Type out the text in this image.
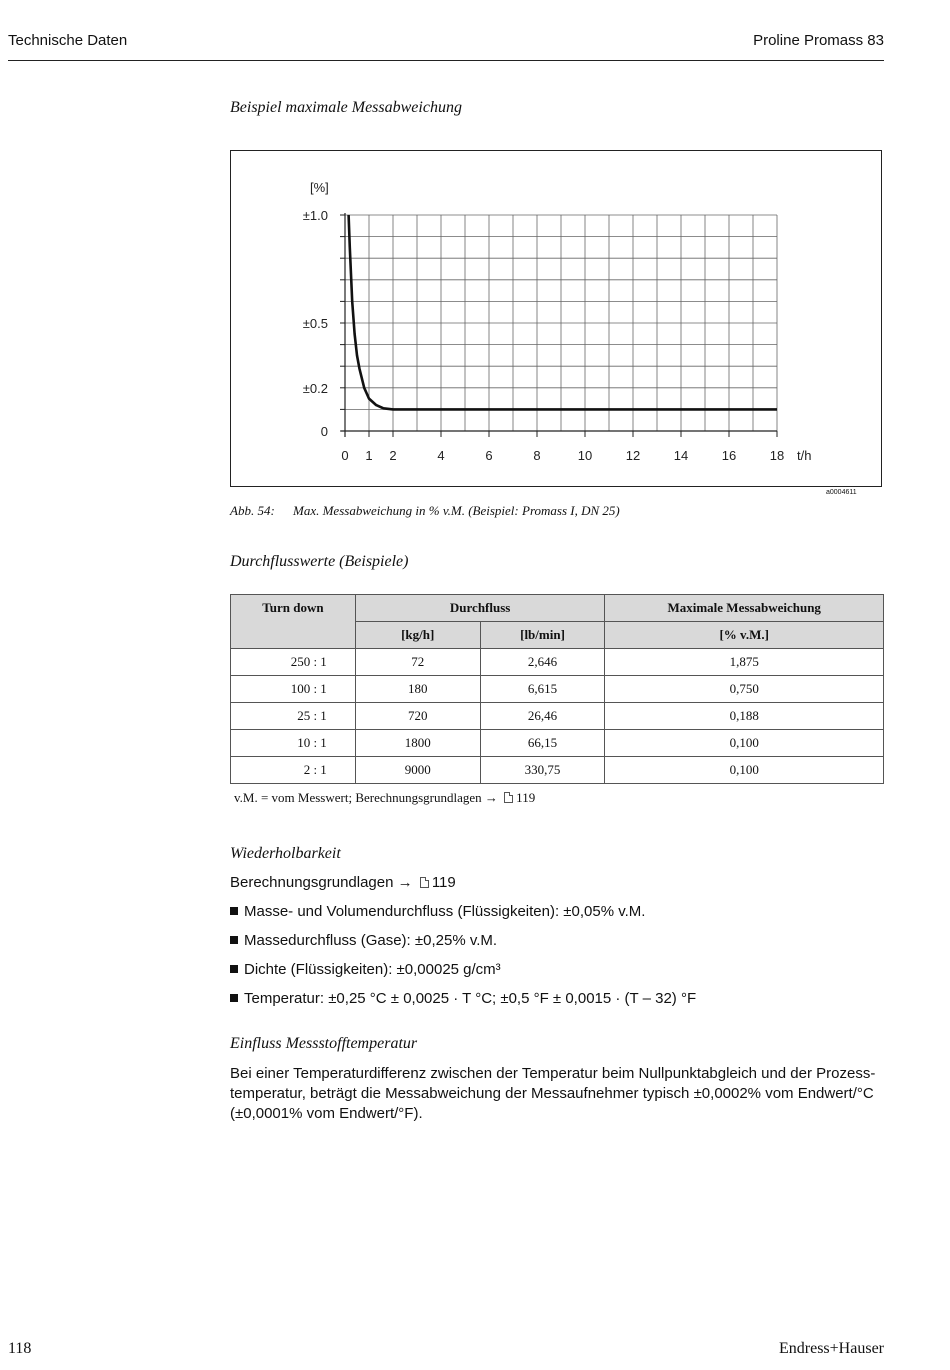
Technische Daten	Proline Promass 83
Beispiel maximale Messabweichung
0 1 2	4	6	8	10	12	14	16	18
0
±0.2
±0.5
±1.0
[%]
t/h
a0004611
Abb. 54: Max. Messabweichung in % v.M. (Beispiel: Promass I, DN 25)
Durchflusswerte (Beispiele)
Turn down	Durchfluss		Maximale Messabweichung
	[kg/h]	[lb/min]	[% v.M.]
250 : 1	72	2,646	1,875
100 : 1	180	6,615	0,750
25 : 1	720	26,46	0,188
10 : 1	1800	66,15	0,100
2 : 1	9000	330,75	0,100
v.M. = vom Messwert; Berechnungsgrundlagen → 119
Wiederholbarkeit
Berechnungsgrundlagen → 119
Masse- und Volumendurchfluss (Flüssigkeiten): ±0,05% v.M.
Massedurchfluss (Gase): ±0,25% v.M.
Dichte (Flüssigkeiten): ±0,00025 g/cm³
Temperatur: ±0,25 °C ± 0,0025 · T °C; ±0,5 °F ± 0,0015 · (T – 32) °F
Einfluss Messstofftemperatur
Bei einer Temperaturdifferenz zwischen der Temperatur beim Nullpunktabgleich und der Prozess-
temperatur, beträgt die Messabweichung der Messaufnehmer typisch ±0,0002% vom Endwert/°C
(±0,0001% vom Endwert/°F).
118	Endress+Hauser
